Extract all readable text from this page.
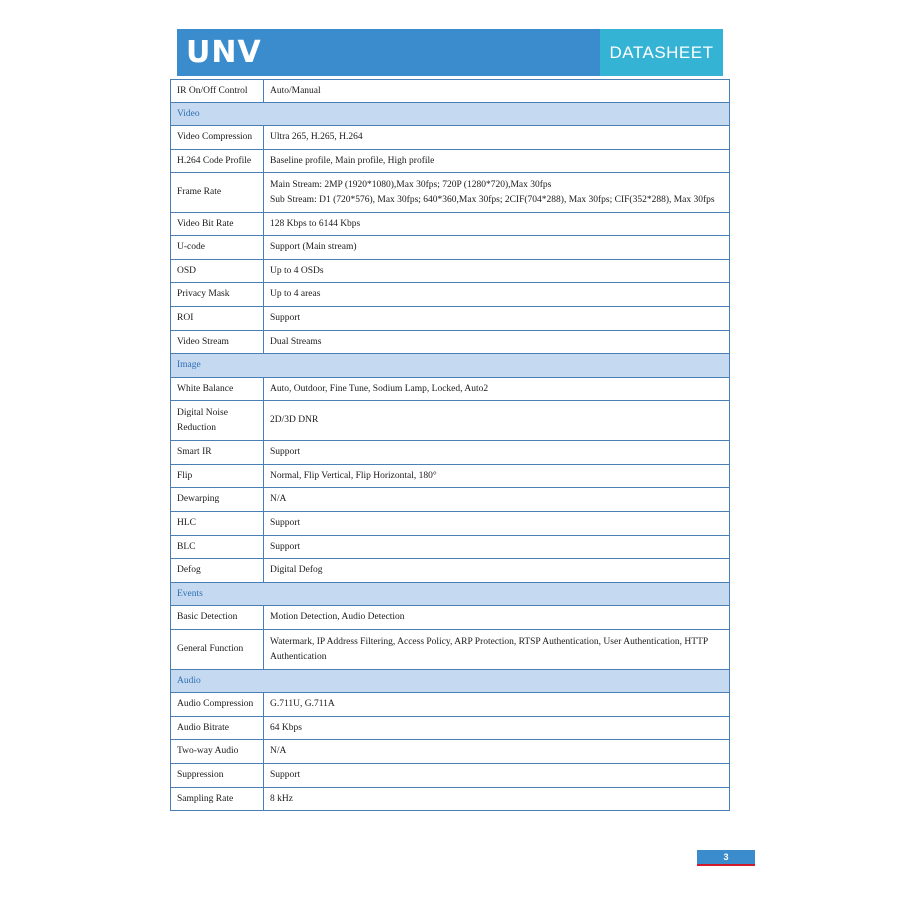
UNV	DATASHEET
IR On/Off Control	Auto/Manual
Video	
Video Compression	Ultra 265, H.265, H.264
H.264 Code Profile	Baseline profile, Main profile, High profile
Frame Rate	Main Stream: 2MP (1920*1080),Max 30fps; 720P (1280*720),Max 30fps
Sub Stream: D1 (720*576), Max 30fps; 640*360,Max 30fps; 2CIF(704*288), Max 30fps; CIF(352*288), Max 30fps

Video Bit Rate	128 Kbps to 6144 Kbps
U-code	Support (Main stream)
OSD	Up to 4 OSDs
Privacy Mask	Up to 4 areas
ROI	Support
Video Stream	Dual Streams
Image	
White Balance	Auto, Outdoor, Fine Tune, Sodium Lamp, Locked, Auto2
Digital Noise Reduction	2D/3D DNR
Smart IR	Support
Flip	Normal, Flip Vertical, Flip Horizontal, 180°
Dewarping	N/A
HLC	Support
BLC	Support
Defog	Digital Defog
Events	
Basic Detection	Motion Detection, Audio Detection
General Function	Watermark, IP Address Filtering, Access Policy, ARP Protection, RTSP Authentication, User Authentication, HTTP Authentication
Audio	
Audio Compression	G.711U, G.711A
Audio Bitrate	64 Kbps
Two-way Audio	N/A
Suppression	Support
Sampling Rate	8 kHz
3
